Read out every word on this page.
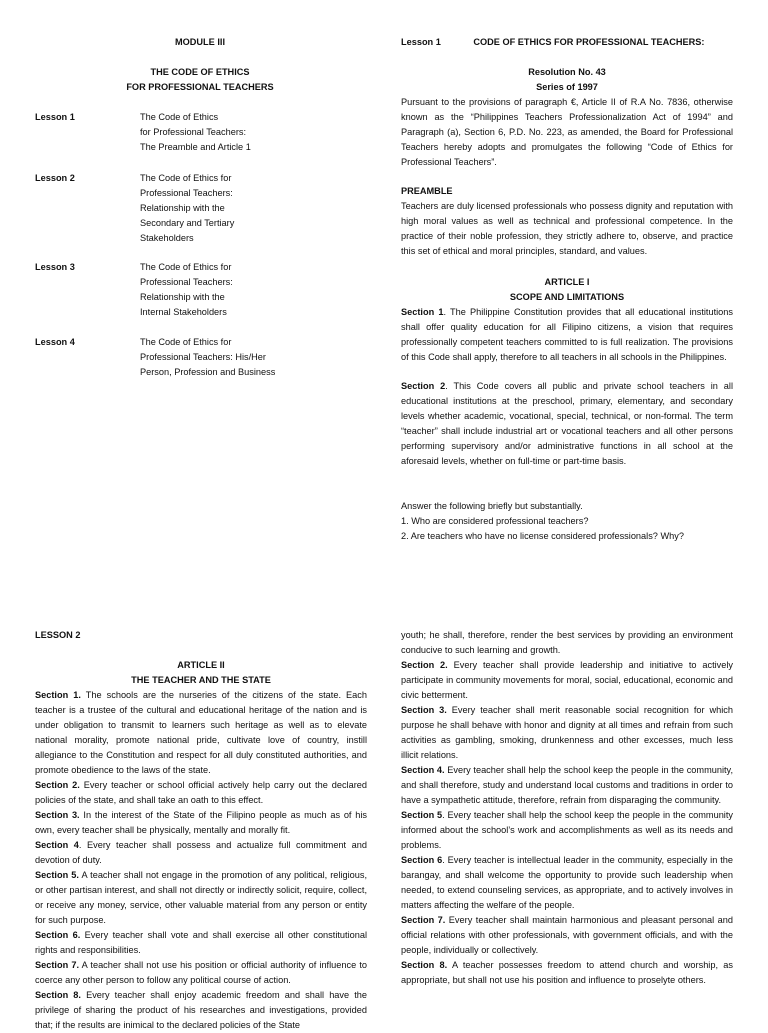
MODULE III
THE CODE OF ETHICS
FOR PROFESSIONAL TEACHERS
Lesson 1	The Code of Ethics
for Professional Teachers:
The Preamble and Article 1
Lesson 2	The Code of Ethics for
Professional Teachers:
Relationship with the
Secondary and Tertiary
Stakeholders
Lesson 3	The Code of Ethics for
Professional Teachers:
Relationship with the
Internal Stakeholders
Lesson 4	The Code of Ethics for
Professional Teachers: His/Her
Person, Profession and Business
Lesson 1	CODE OF ETHICS FOR PROFESSIONAL TEACHERS:
Resolution No. 43
Series of 1997

Pursuant to the provisions of paragraph €, Article II of R.A No. 7836, otherwise known as the “Philippines Teachers Professionalization Act of 1994” and Paragraph (a), Section 6, P.D. No. 223, as amended, the Board for Professional Teachers hereby adopts and promulgates the following “Code of Ethics for Professional Teachers”.

PREAMBLE

Teachers are duly licensed professionals who possess dignity and reputation with high moral values as well as technical and professional competence. In the practice of their noble profession, they strictly adhere to, observe, and practice this set of ethical and moral principles, standard, and values.

ARTICLE I
SCOPE AND LIMITATIONS

Section 1. The Philippine Constitution provides that all educational institutions shall offer quality education for all Filipino citizens, a vision that requires professionally competent teachers committed to is full realization. The provisions of this Code shall apply, therefore to all teachers in all schools in the Philippines.

Section 2. This Code covers all public and private school teachers in all educational institutions at the preschool, primary, elementary, and secondary levels whether academic, vocational, special, technical, or non-formal. The term “teacher” shall include industrial art or vocational teachers and all other persons performing supervisory and/or administrative functions in all school at the aforesaid levels, whether on full-time or part-time basis.

Answer the following briefly but substantially.
1. Who are considered professional teachers?
2. Are teachers who have no license considered professionals? Why?
LESSON 2
ARTICLE II
THE TEACHER AND THE STATE

Section 1. The schools are the nurseries of the citizens of the state. Each teacher is a trustee of the cultural and educational heritage of the nation and is under obligation to transmit to learners such heritage as well as to elevate national morality, promote national pride, cultivate love of country, instill allegiance to the Constitution and respect for all duly constituted authorities, and promote obedience to the laws of the state.

Section 2. Every teacher or school official actively help carry out the declared policies of the state, and shall take an oath to this effect.

Section 3. In the interest of the State of the Filipino people as much as of his own, every teacher shall be physically, mentally and morally fit.

Section 4. Every teacher shall possess and actualize full commitment and devotion of duty.

Section 5. A teacher shall not engage in the promotion of any political, religious, or other partisan interest, and shall not directly or indirectly solicit, require, collect, or receive any money, service, other valuable material from any person or entity for such purpose.

Section 6. Every teacher shall vote and shall exercise all other constitutional rights and responsibilities.

Section 7. A teacher shall not use his position or official authority of influence to coerce any other person to follow any political course of action.

Section 8. Every teacher shall enjoy academic freedom and shall have the privilege of sharing the product of his researches and investigations, provided that; if the results are inimical to the declared policies of the State

youth; he shall, therefore, render the best services by providing an environment conducive to such learning and growth.

Section 2. Every teacher shall provide leadership and initiative to actively participate in community movements for moral, social, educational, economic and civic betterment.

Section 3. Every teacher shall merit reasonable social recognition for which purpose he shall behave with honor and dignity at all times and refrain from such activities as gambling, smoking, drunkenness and other excesses, much less illicit relations.

Section 4. Every teacher shall help the school keep the people in the community, and shall therefore, study and understand local customs and traditions in order to have a sympathetic attitude, therefore, refrain from disparaging the community.

Section 5. Every teacher shall help the school keep the people in the community informed about the school’s work and accomplishments as well as its needs and problems.

Section 6. Every teacher is intellectual leader in the community, especially in the barangay, and shall welcome the opportunity to provide such leadership when needed, to extend counseling services, as appropriate, and to actively involves in matters affecting the welfare of the people.

Section 7. Every teacher shall maintain harmonious and pleasant personal and official relations with other professionals, with government officials, and with the people, individually or collectively.

Section 8. A teacher possesses freedom to attend church and worship, as appropriate, but shall not use his position and influence to proselyte others.
